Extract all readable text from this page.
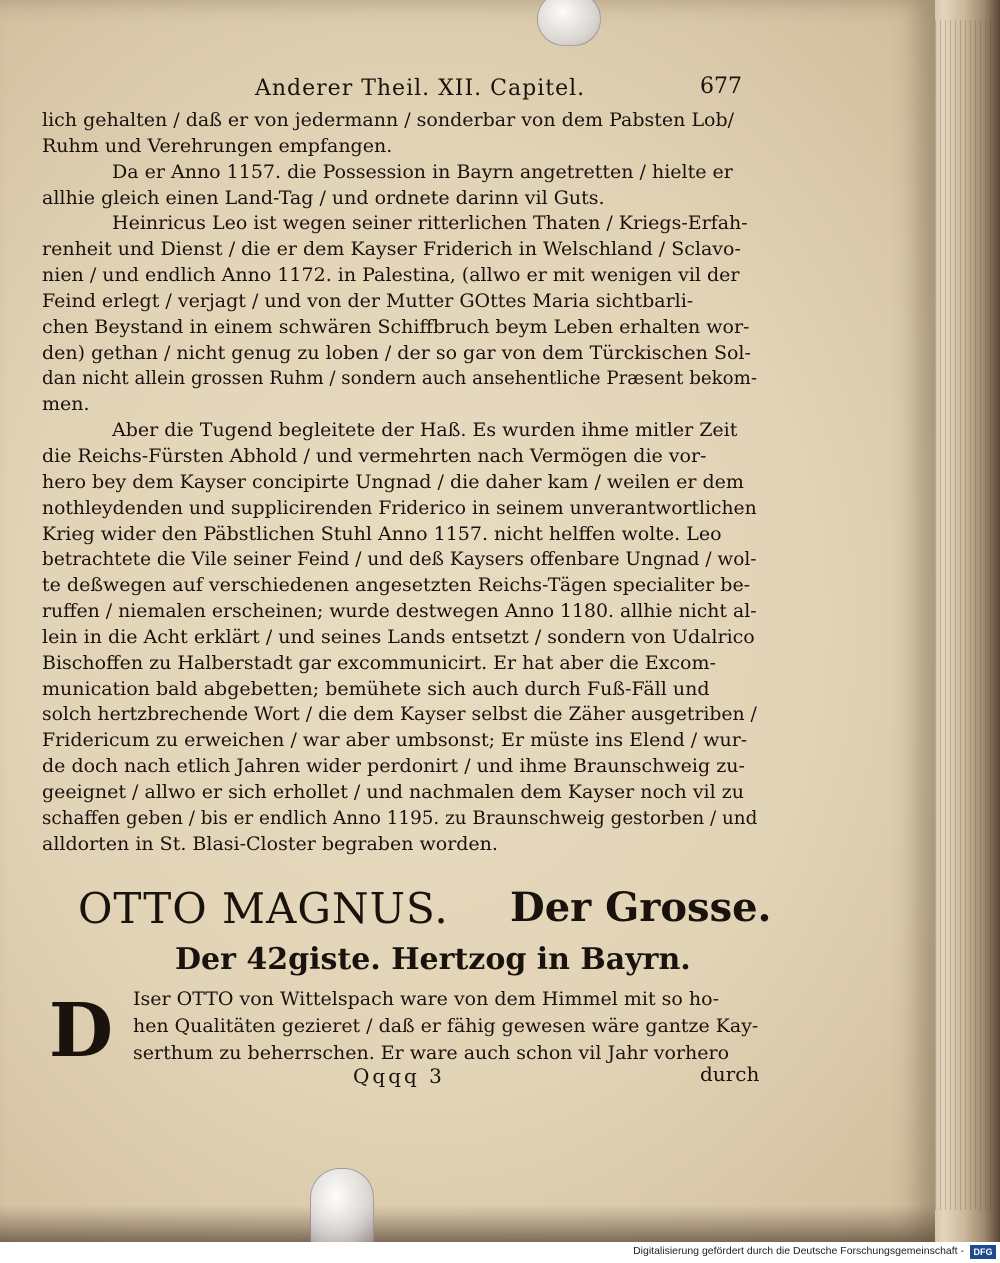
Anderer Theil. XII. Capitel.	677
lich gehalten / daß er von jedermann / sonderbar von dem Pabsten Lob/
Ruhm und Verehrungen empfangen.
Da er Anno 1157. die Possession in Bayrn angetretten / hielte er
allhie gleich einen Land-Tag / und ordnete darinn vil Guts.
Heinricus Leo ist wegen seiner ritterlichen Thaten / Kriegs-Erfah-
renheit und Dienst / die er dem Kayser Friderich in Welschland / Sclavo-
nien / und endlich Anno 1172. in Palestina, (allwo er mit wenigen vil der
Feind erlegt / verjagt / und von der Mutter GOttes Maria sichtbarli-
chen Beystand in einem schwären Schiffbruch beym Leben erhalten wor-
den) gethan / nicht genug zu loben / der so gar von dem Türckischen Sol-
dan nicht allein grossen Ruhm / sondern auch ansehentliche Præsent bekom-
men.
Aber die Tugend begleitete der Haß. Es wurden ihme mitler Zeit
die Reichs-Fürsten Abhold / und vermehrten nach Vermögen die vor-
hero bey dem Kayser concipirte Ungnad / die daher kam / weilen er dem
nothleydenden und supplicirenden Friderico in seinem unverantwortlichen
Krieg wider den Päbstlichen Stuhl Anno 1157. nicht helffen wolte. Leo
betrachtete die Vile seiner Feind / und deß Kaysers offenbare Ungnad / wol-
te deßwegen auf verschiedenen angesetzten Reichs-Tägen specialiter be-
ruffen / niemalen erscheinen; wurde destwegen Anno 1180. allhie nicht al-
lein in die Acht erklärt / und seines Lands entsetzt / sondern von Udalrico
Bischoffen zu Halberstadt gar excommunicirt. Er hat aber die Excom-
munication bald abgebetten; bemühete sich auch durch Fuß-Fäll und
solch hertzbrechende Wort / die dem Kayser selbst die Zäher ausgetriben /
Fridericum zu erweichen / war aber umbsonst; Er müste ins Elend / wur-
de doch nach etlich Jahren wider perdonirt / und ihme Braunschweig zu-
geeignet / allwo er sich erhollet / und nachmalen dem Kayser noch vil zu
schaffen geben / bis er endlich Anno 1195. zu Braunschweig gestorben / und
alldorten in St. Blasi-Closter begraben worden.
OTTO MAGNUS. Der Grosse.
Der 42giste. Hertzog in Bayrn.
D	Iser OTTO von Wittelspach ware von dem Himmel mit so ho-
hen Qualitäten gezieret / daß er fähig gewesen wäre gantze Kay-
serthum zu beherrschen. Er ware auch schon vil Jahr vorhero
Qqqq 3	durch
Digitalisierung gefördert durch die Deutsche Forschungsgemeinschaft -	DFG
